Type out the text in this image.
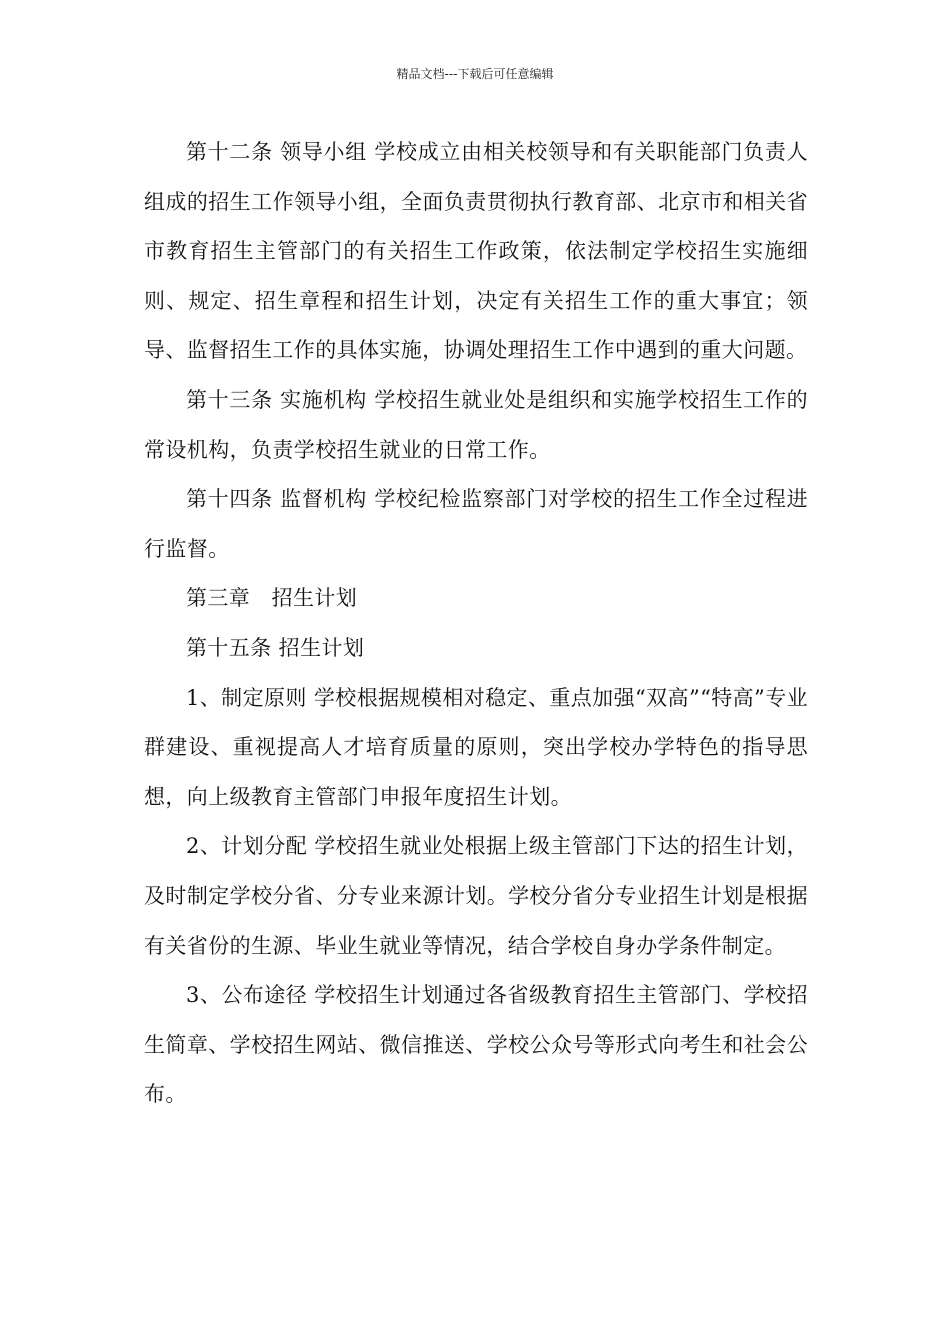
精品文档---下载后可任意编辑

第十二条 领导小组 学校成立由相关校领导和有关职能部门负责人组成的招生工作领导小组，全面负责贯彻执行教育部、北京市和相关省市教育招生主管部门的有关招生工作政策，依法制定学校招生实施细则、规定、招生章程和招生计划，决定有关招生工作的重大事宜；领导、监督招生工作的具体实施，协调处理招生工作中遇到的重大问题。

第十三条 实施机构 学校招生就业处是组织和实施学校招生工作的常设机构，负责学校招生就业的日常工作。

第十四条 监督机构 学校纪检监察部门对学校的招生工作全过程进行监督。

第三章　招生计划

第十五条 招生计划

1、制定原则 学校根据规模相对稳定、重点加强“双高”“特高”专业群建设、重视提高人才培育质量的原则，突出学校办学特色的指导思想，向上级教育主管部门申报年度招生计划。

2、计划分配 学校招生就业处根据上级主管部门下达的招生计划，及时制定学校分省、分专业来源计划。学校分省分专业招生计划是根据有关省份的生源、毕业生就业等情况，结合学校自身办学条件制定。

3、公布途径 学校招生计划通过各省级教育招生主管部门、学校招生简章、学校招生网站、微信推送、学校公众号等形式向考生和社会公布。
